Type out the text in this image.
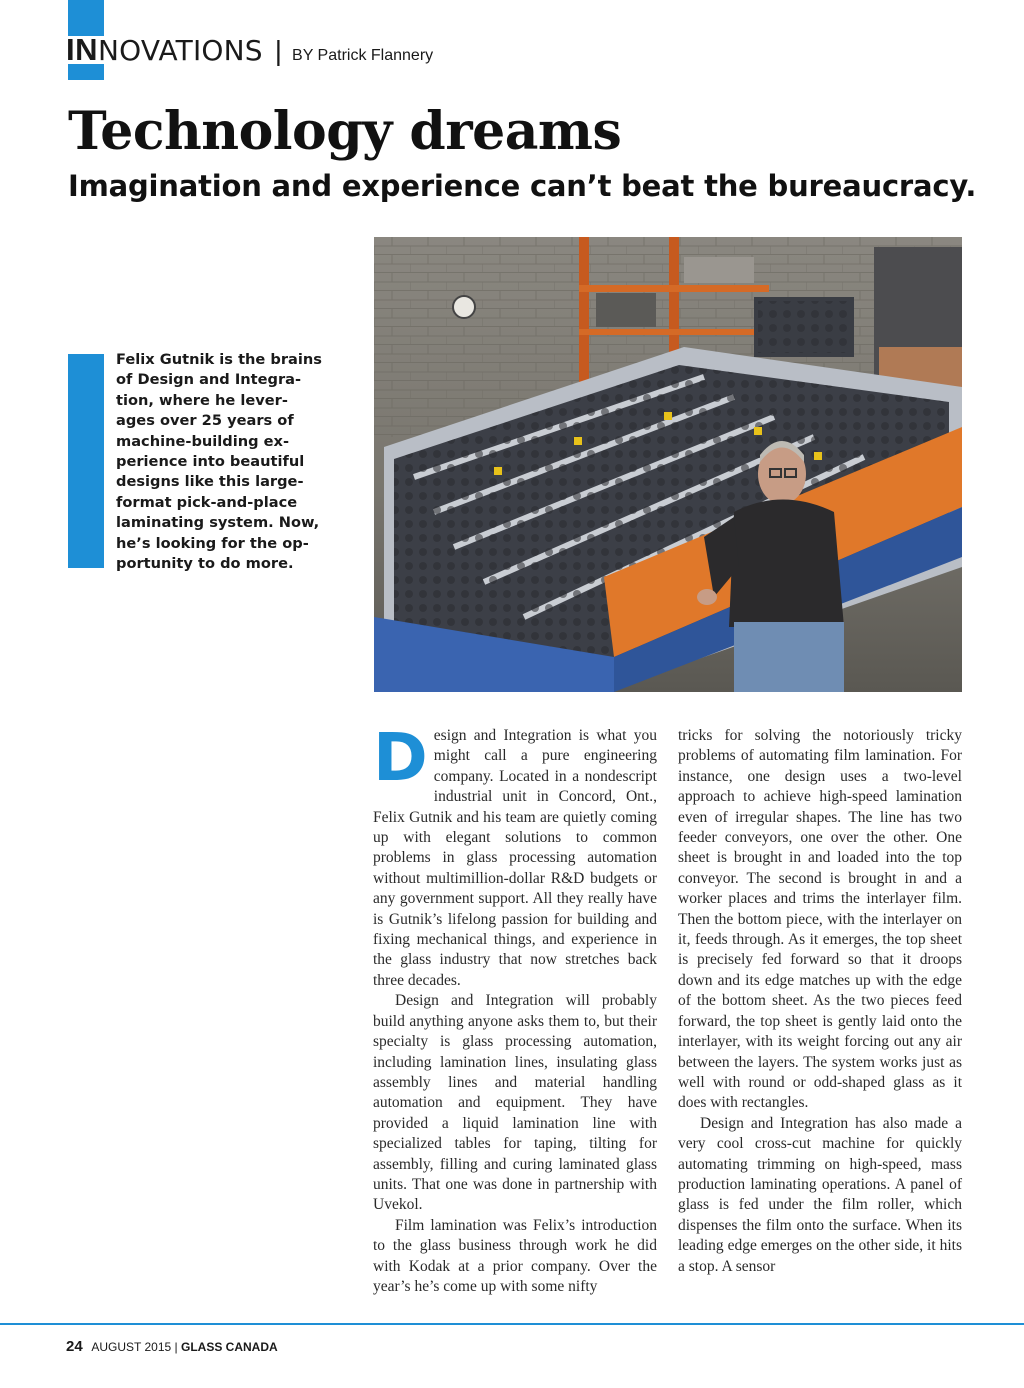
IN NOVATIONS | BY Patrick Flannery
Technology dreams
Imagination and experience can’t beat the bureaucracy.
Felix Gutnik is the brains
of Design and Integra-
tion, where he lever-
ages over 25 years of
machine-building ex-
perience into beautiful
designs like this large-
format pick-and-place
laminating system. Now,
he’s looking for the op-
portunity to do more.

Design and Integration is what you might call a pure engineering company. Located in a nondescript industrial unit in Concord, Ont., Felix Gutnik and his team are quietly coming up with elegant solutions to common problems in glass processing automation without multimillion-dollar R&D budgets or any government support. All they really have is Gutnik’s lifelong passion for building and fixing mechanical things, and experience in the glass industry that now stretches back three decades.

Design and Integration will probably build anything anyone asks them to, but their specialty is glass processing automation, including lamination lines, insulating glass assembly lines and material handling automation and equipment. They have provided a liquid lamination line with specialized tables for taping, tilting for assembly, filling and curing laminated glass units. That one was done in partnership with Uvekol.

Film lamination was Felix’s introduction to the glass business through work he did with Kodak at a prior company. Over the year’s he’s come up with some nifty

tricks for solving the notoriously tricky problems of automating film lamination. For instance, one design uses a two-level approach to achieve high-speed lamination even of irregular shapes. The line has two feeder conveyors, one over the other. One sheet is brought in and loaded into the top conveyor. The second is brought in and a worker places and trims the interlayer film. Then the bottom piece, with the interlayer on it, feeds through. As it emerges, the top sheet is precisely fed forward so that it droops down and its edge matches up with the edge of the bottom sheet. As the two pieces feed forward, the top sheet is gently laid onto the interlayer, with its weight forcing out any air between the layers. The system works just as well with round or odd-shaped glass as it does with rectangles.

Design and Integration has also made a very cool cross-cut machine for quickly automating trimming on high-speed, mass production laminating operations. A panel of glass is fed under the film roller, which dispenses the film onto the surface. When its leading edge emerges on the other side, it hits a stop. A sensor

24 AUGUST 2015 | GLASS CANADA
